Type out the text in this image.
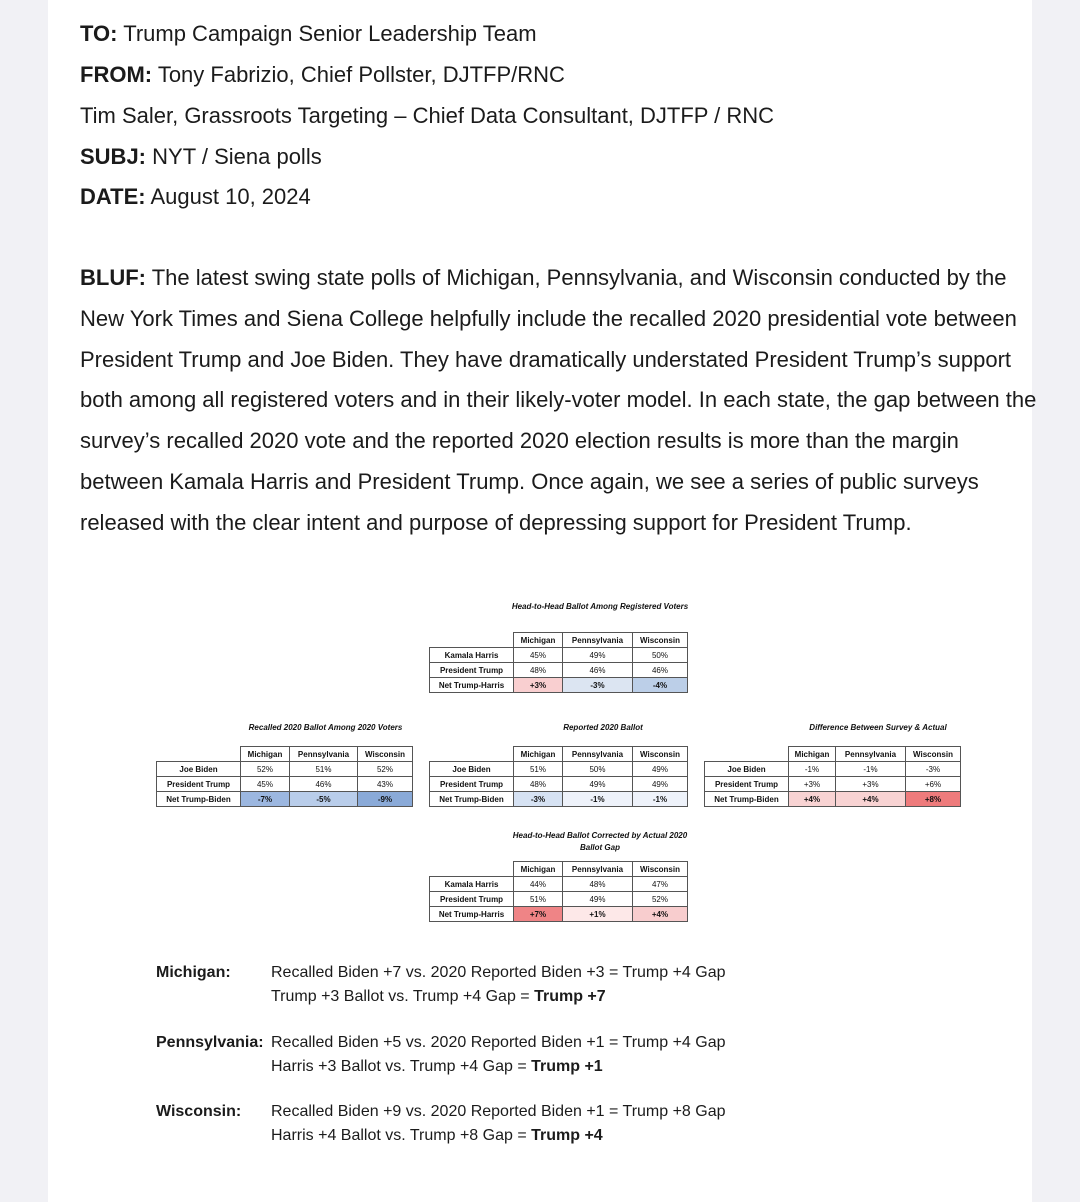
TO: Trump Campaign Senior Leadership Team
FROM: Tony Fabrizio, Chief Pollster, DJTFP/RNC
Tim Saler, Grassroots Targeting – Chief Data Consultant, DJTFP / RNC
SUBJ: NYT / Siena polls
DATE: August 10, 2024

BLUF: The latest swing state polls of Michigan, Pennsylvania, and Wisconsin conducted by the New York Times and Siena College helpfully include the recalled 2020 presidential vote between President Trump and Joe Biden. They have dramatically understated President Trump’s support both among all registered voters and in their likely-voter model. In each state, the gap between the survey’s recalled 2020 vote and the reported 2020 election results is more than the margin between Kamala Harris and President Trump. Once again, we see a series of public surveys released with the clear intent and purpose of depressing support for President Trump.

Head-to-Head Ballot Among Registered Voters
	Michigan	Pennsylvania	Wisconsin
Kamala Harris	45%	49%	50%
President Trump	48%	46%	46%
Net Trump-Harris	+3%	-3%	-4%
Recalled 2020 Ballot Among 2020 Voters
	Michigan	Pennsylvania	Wisconsin
Joe Biden	52%	51%	52%
President Trump	45%	46%	43%
Net Trump-Biden	-7%	-5%	-9%
Reported 2020 Ballot
	Michigan	Pennsylvania	Wisconsin
Joe Biden	51%	50%	49%
President Trump	48%	49%	49%
Net Trump-Biden	-3%	-1%	-1%
Difference Between Survey & Actual
	Michigan	Pennsylvania	Wisconsin
Joe Biden	-1%	-1%	-3%
President Trump	+3%	+3%	+6%
Net Trump-Biden	+4%	+4%	+8%
Head-to-Head Ballot Corrected by Actual 2020 Ballot Gap
	Michigan	Pennsylvania	Wisconsin
Kamala Harris	44%	48%	47%
President Trump	51%	49%	52%
Net Trump-Harris	+7%	+1%	+4%
Michigan:	Recalled Biden +7 vs. 2020 Reported Biden +3 = Trump +4 Gap
Trump +3 Ballot vs. Trump +4 Gap = Trump +7
Pennsylvania: Recalled Biden +5 vs. 2020 Reported Biden +1 = Trump +4 Gap
Harris +3 Ballot vs. Trump +4 Gap = Trump +1
Wisconsin: Recalled Biden +9 vs. 2020 Reported Biden +1 = Trump +8 Gap
Harris +4 Ballot vs. Trump +8 Gap = Trump +4
